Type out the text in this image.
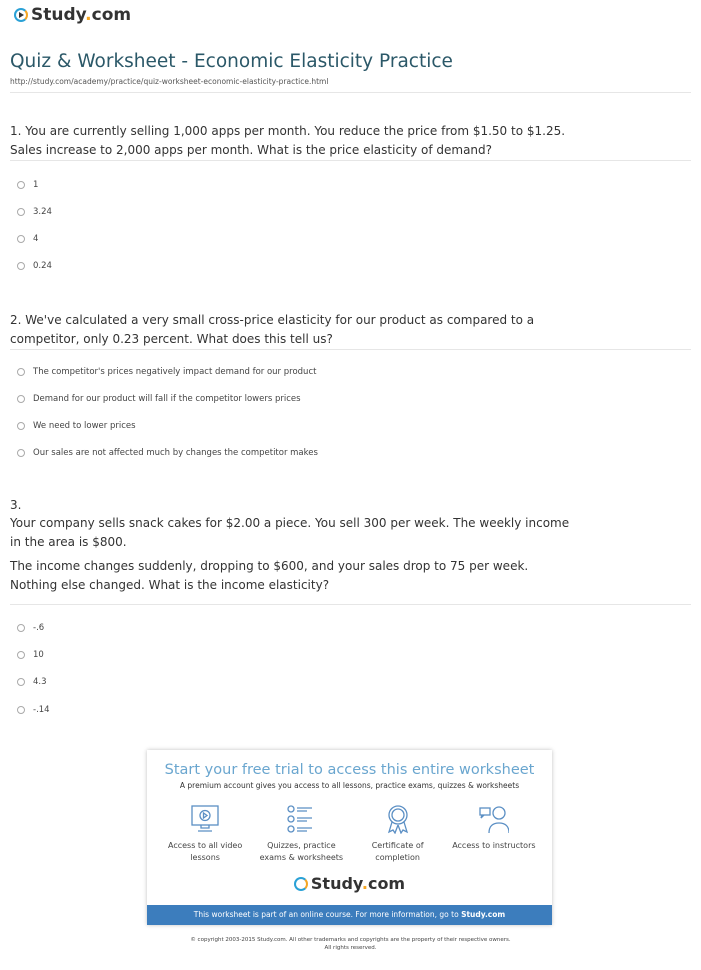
Study.com
Quiz & Worksheet - Economic Elasticity Practice
http://study.com/academy/practice/quiz-worksheet-economic-elasticity-practice.html
1. You are currently selling 1,000 apps per month. You reduce the price from $1.50 to $1.25. Sales increase to 2,000 apps per month. What is the price elasticity of demand?
1
3.24
4
0.24
2. We've calculated a very small cross-price elasticity for our product as compared to a competitor, only 0.23 percent. What does this tell us?
The competitor's prices negatively impact demand for our product
Demand for our product will fall if the competitor lowers prices
We need to lower prices
Our sales are not affected much by changes the competitor makes
3.
Your company sells snack cakes for $2.00 a piece. You sell 300 per week. The weekly income in the area is $800.
The income changes suddenly, dropping to $600, and your sales drop to 75 per week. Nothing else changed. What is the income elasticity?
-.6
10
4.3
-.14
Start your free trial to access this entire worksheet
A premium account gives you access to all lessons, practice exams, quizzes & worksheets
Access to all video lessons
Quizzes, practice exams & worksheets
Certificate of completion
Access to instructors
Study.com
This worksheet is part of an online course. For more information, go to Study.com
© copyright 2003-2015 Study.com. All other trademarks and copyrights are the property of their respective owners.
All rights reserved.
